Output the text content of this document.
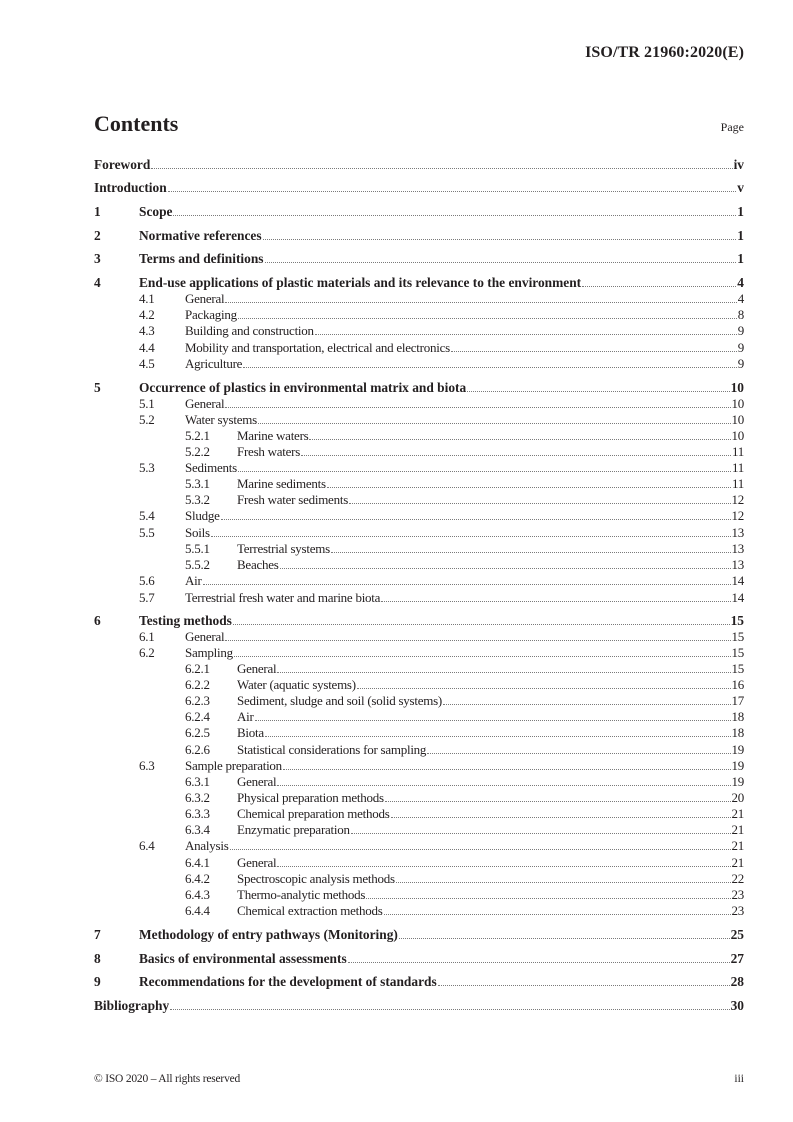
ISO/TR 21960:2020(E)
Contents	Page
Foreword	iv
Introduction	v
1	Scope	1
2	Normative references	1
3	Terms and definitions	1
4	End-use applications of plastic materials and its relevance to the environment	4
4.1	General	4
4.2	Packaging	8
4.3	Building and construction	9
4.4	Mobility and transportation, electrical and electronics	9
4.5	Agriculture	9
5	Occurrence of plastics in environmental matrix and biota	10
5.1	General	10
5.2	Water systems	10
5.2.1	Marine waters	10
5.2.2	Fresh waters	11
5.3	Sediments	11
5.3.1	Marine sediments	11
5.3.2	Fresh water sediments	12
5.4	Sludge	12
5.5	Soils	13
5.5.1	Terrestrial systems	13
5.5.2	Beaches	13
5.6	Air	14
5.7	Terrestrial fresh water and marine biota	14
6	Testing methods	15
6.1	General	15
6.2	Sampling	15
6.2.1	General	15
6.2.2	Water (aquatic systems)	16
6.2.3	Sediment, sludge and soil (solid systems)	17
6.2.4	Air	18
6.2.5	Biota	18
6.2.6	Statistical considerations for sampling	19
6.3	Sample preparation	19
6.3.1	General	19
6.3.2	Physical preparation methods	20
6.3.3	Chemical preparation methods	21
6.3.4	Enzymatic preparation	21
6.4	Analysis	21
6.4.1	General	21
6.4.2	Spectroscopic analysis methods	22
6.4.3	Thermo-analytic methods	23
6.4.4	Chemical extraction methods	23
7	Methodology of entry pathways (Monitoring)	25
8	Basics of environmental assessments	27
9	Recommendations for the development of standards	28
Bibliography	30
© ISO 2020 – All rights reserved	iii
